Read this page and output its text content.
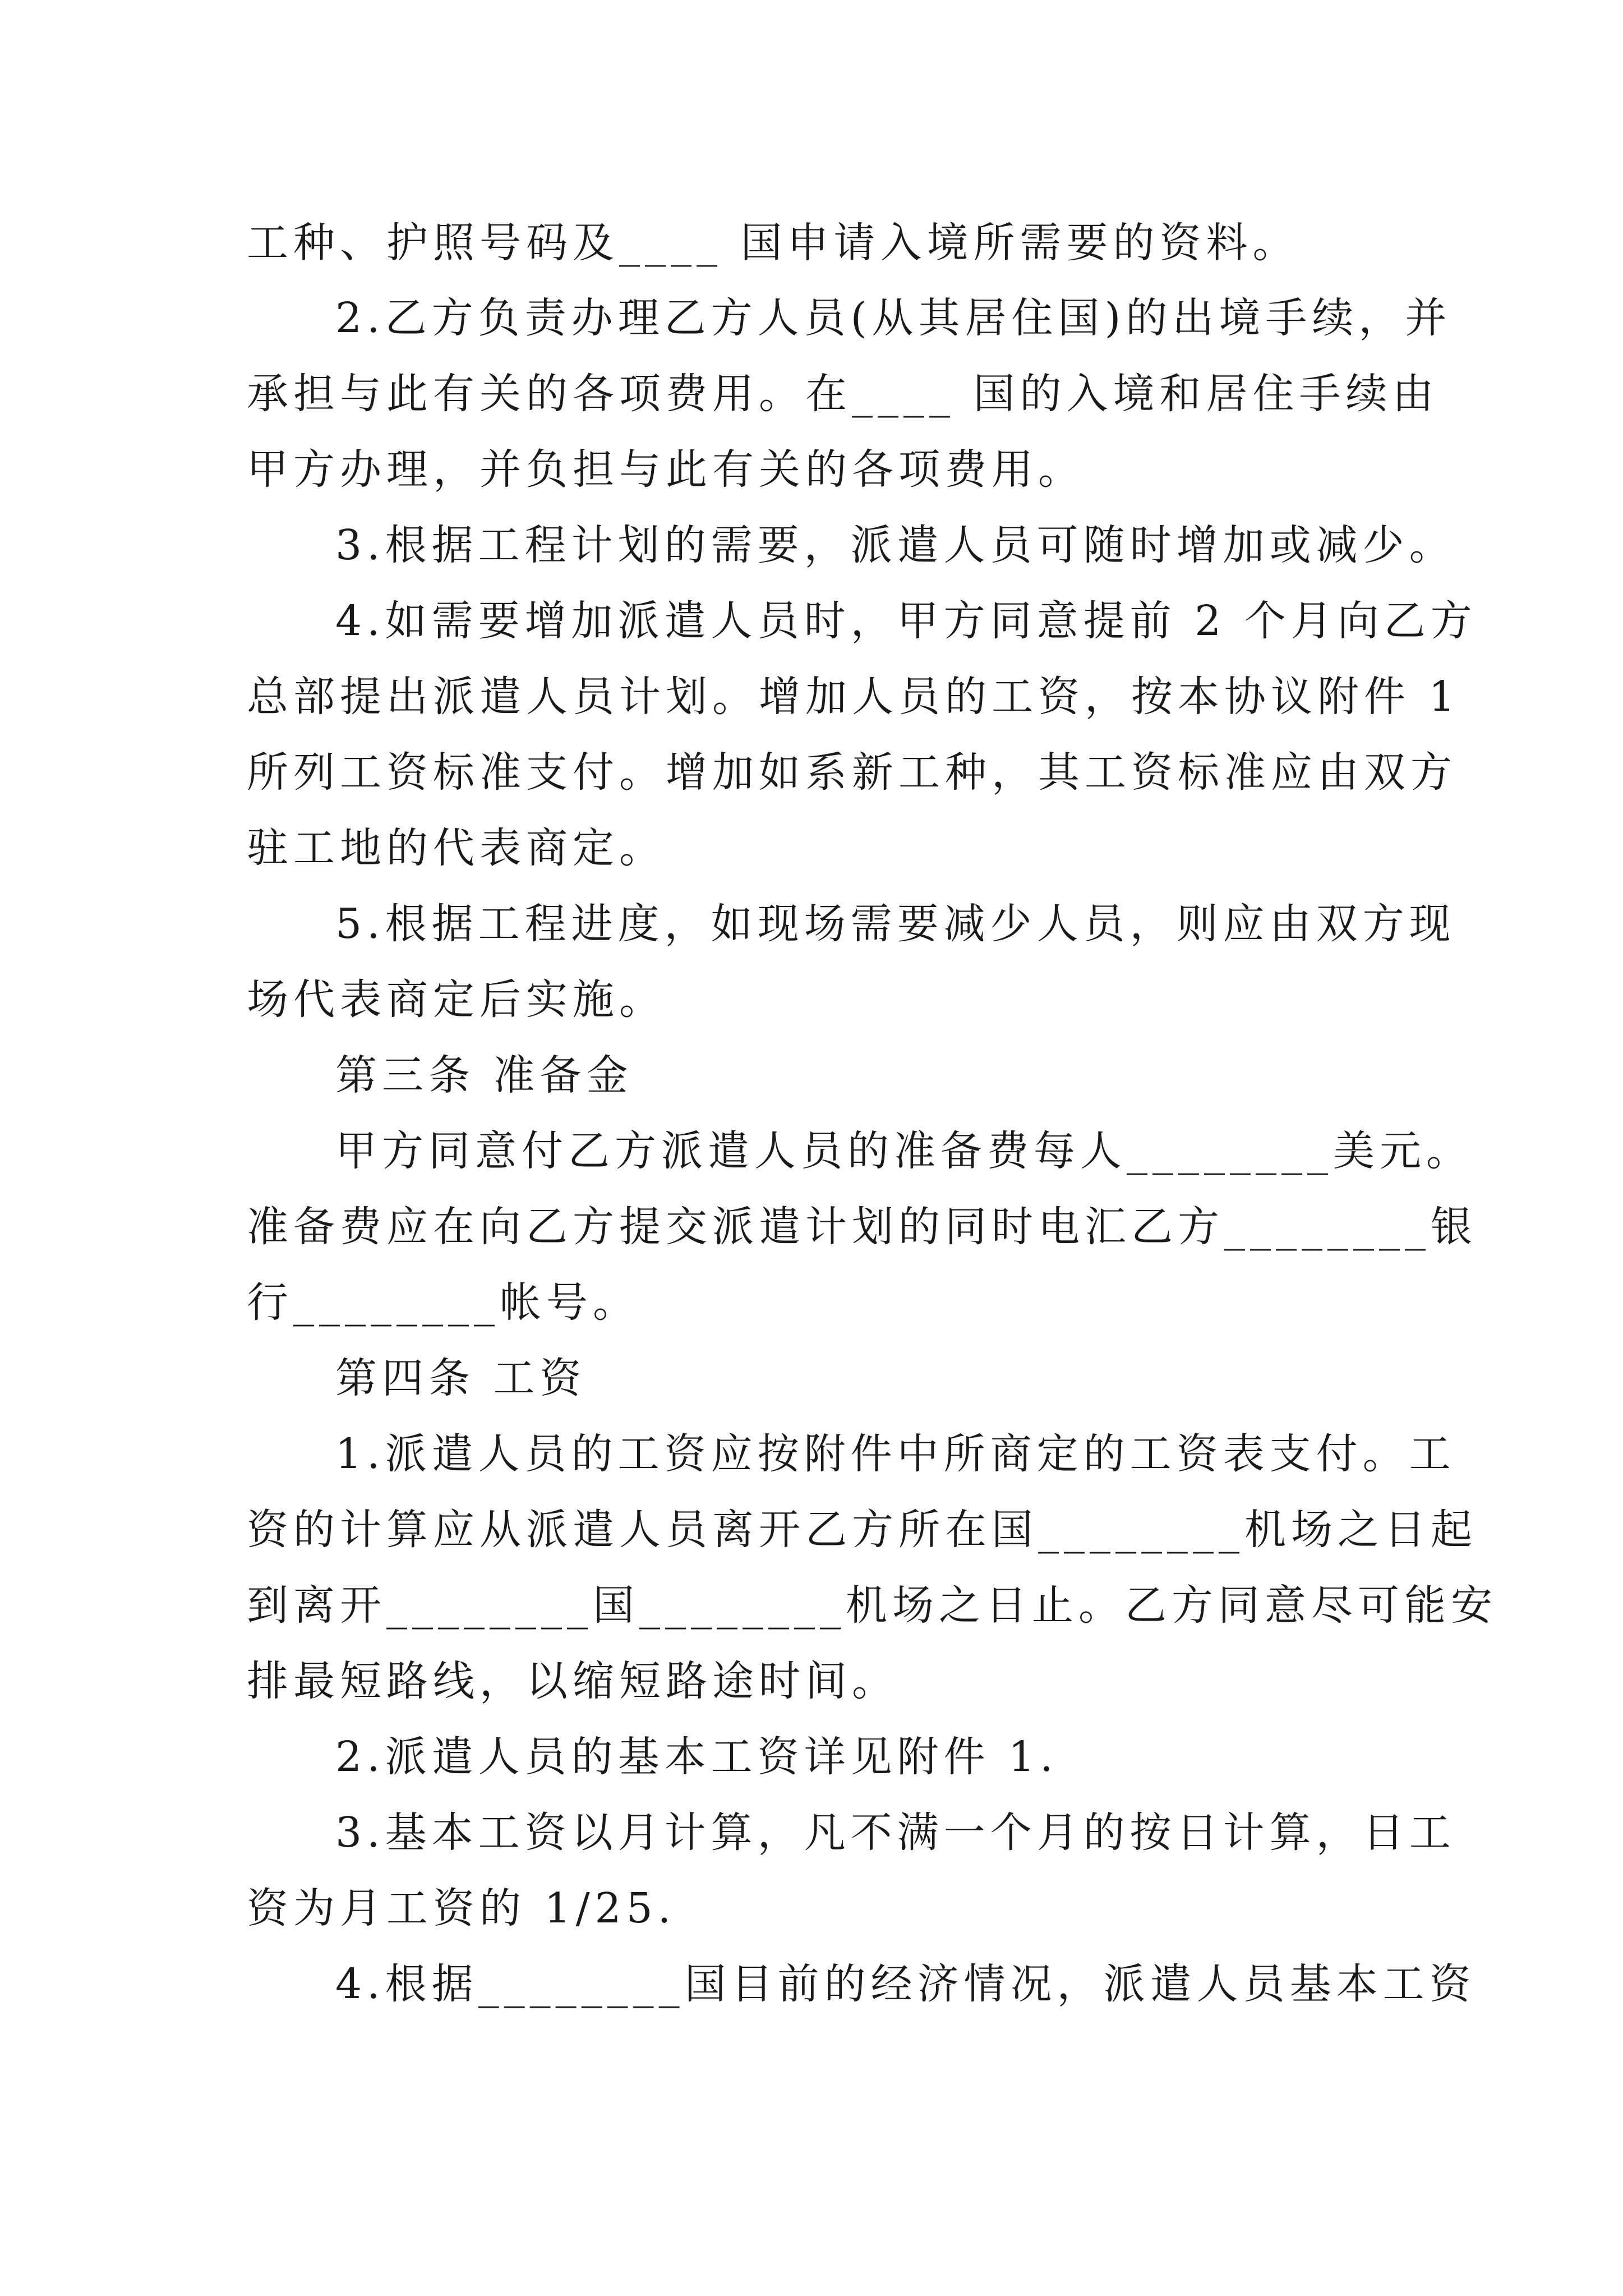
工种、护照号码及____ 国申请入境所需要的资料。
2.乙方负责办理乙方人员(从其居住国)的出境手续，并
承担与此有关的各项费用。在____ 国的入境和居住手续由
甲方办理，并负担与此有关的各项费用。
3.根据工程计划的需要，派遣人员可随时增加或减少。
4.如需要增加派遣人员时，甲方同意提前 2 个月向乙方
总部提出派遣人员计划。增加人员的工资，按本协议附件 1
所列工资标准支付。增加如系新工种，其工资标准应由双方
驻工地的代表商定。
5.根据工程进度，如现场需要减少人员，则应由双方现
场代表商定后实施。
第三条 准备金
甲方同意付乙方派遣人员的准备费每人________美元。
准备费应在向乙方提交派遣计划的同时电汇乙方________银
行________帐号。
第四条 工资
1.派遣人员的工资应按附件中所商定的工资表支付。工
资的计算应从派遣人员离开乙方所在国________机场之日起
到离开________国________机场之日止。乙方同意尽可能安
排最短路线，以缩短路途时间。
2.派遣人员的基本工资详见附件 1.
3.基本工资以月计算，凡不满一个月的按日计算，日工
资为月工资的 1/25.
4.根据________国目前的经济情况，派遣人员基本工资
